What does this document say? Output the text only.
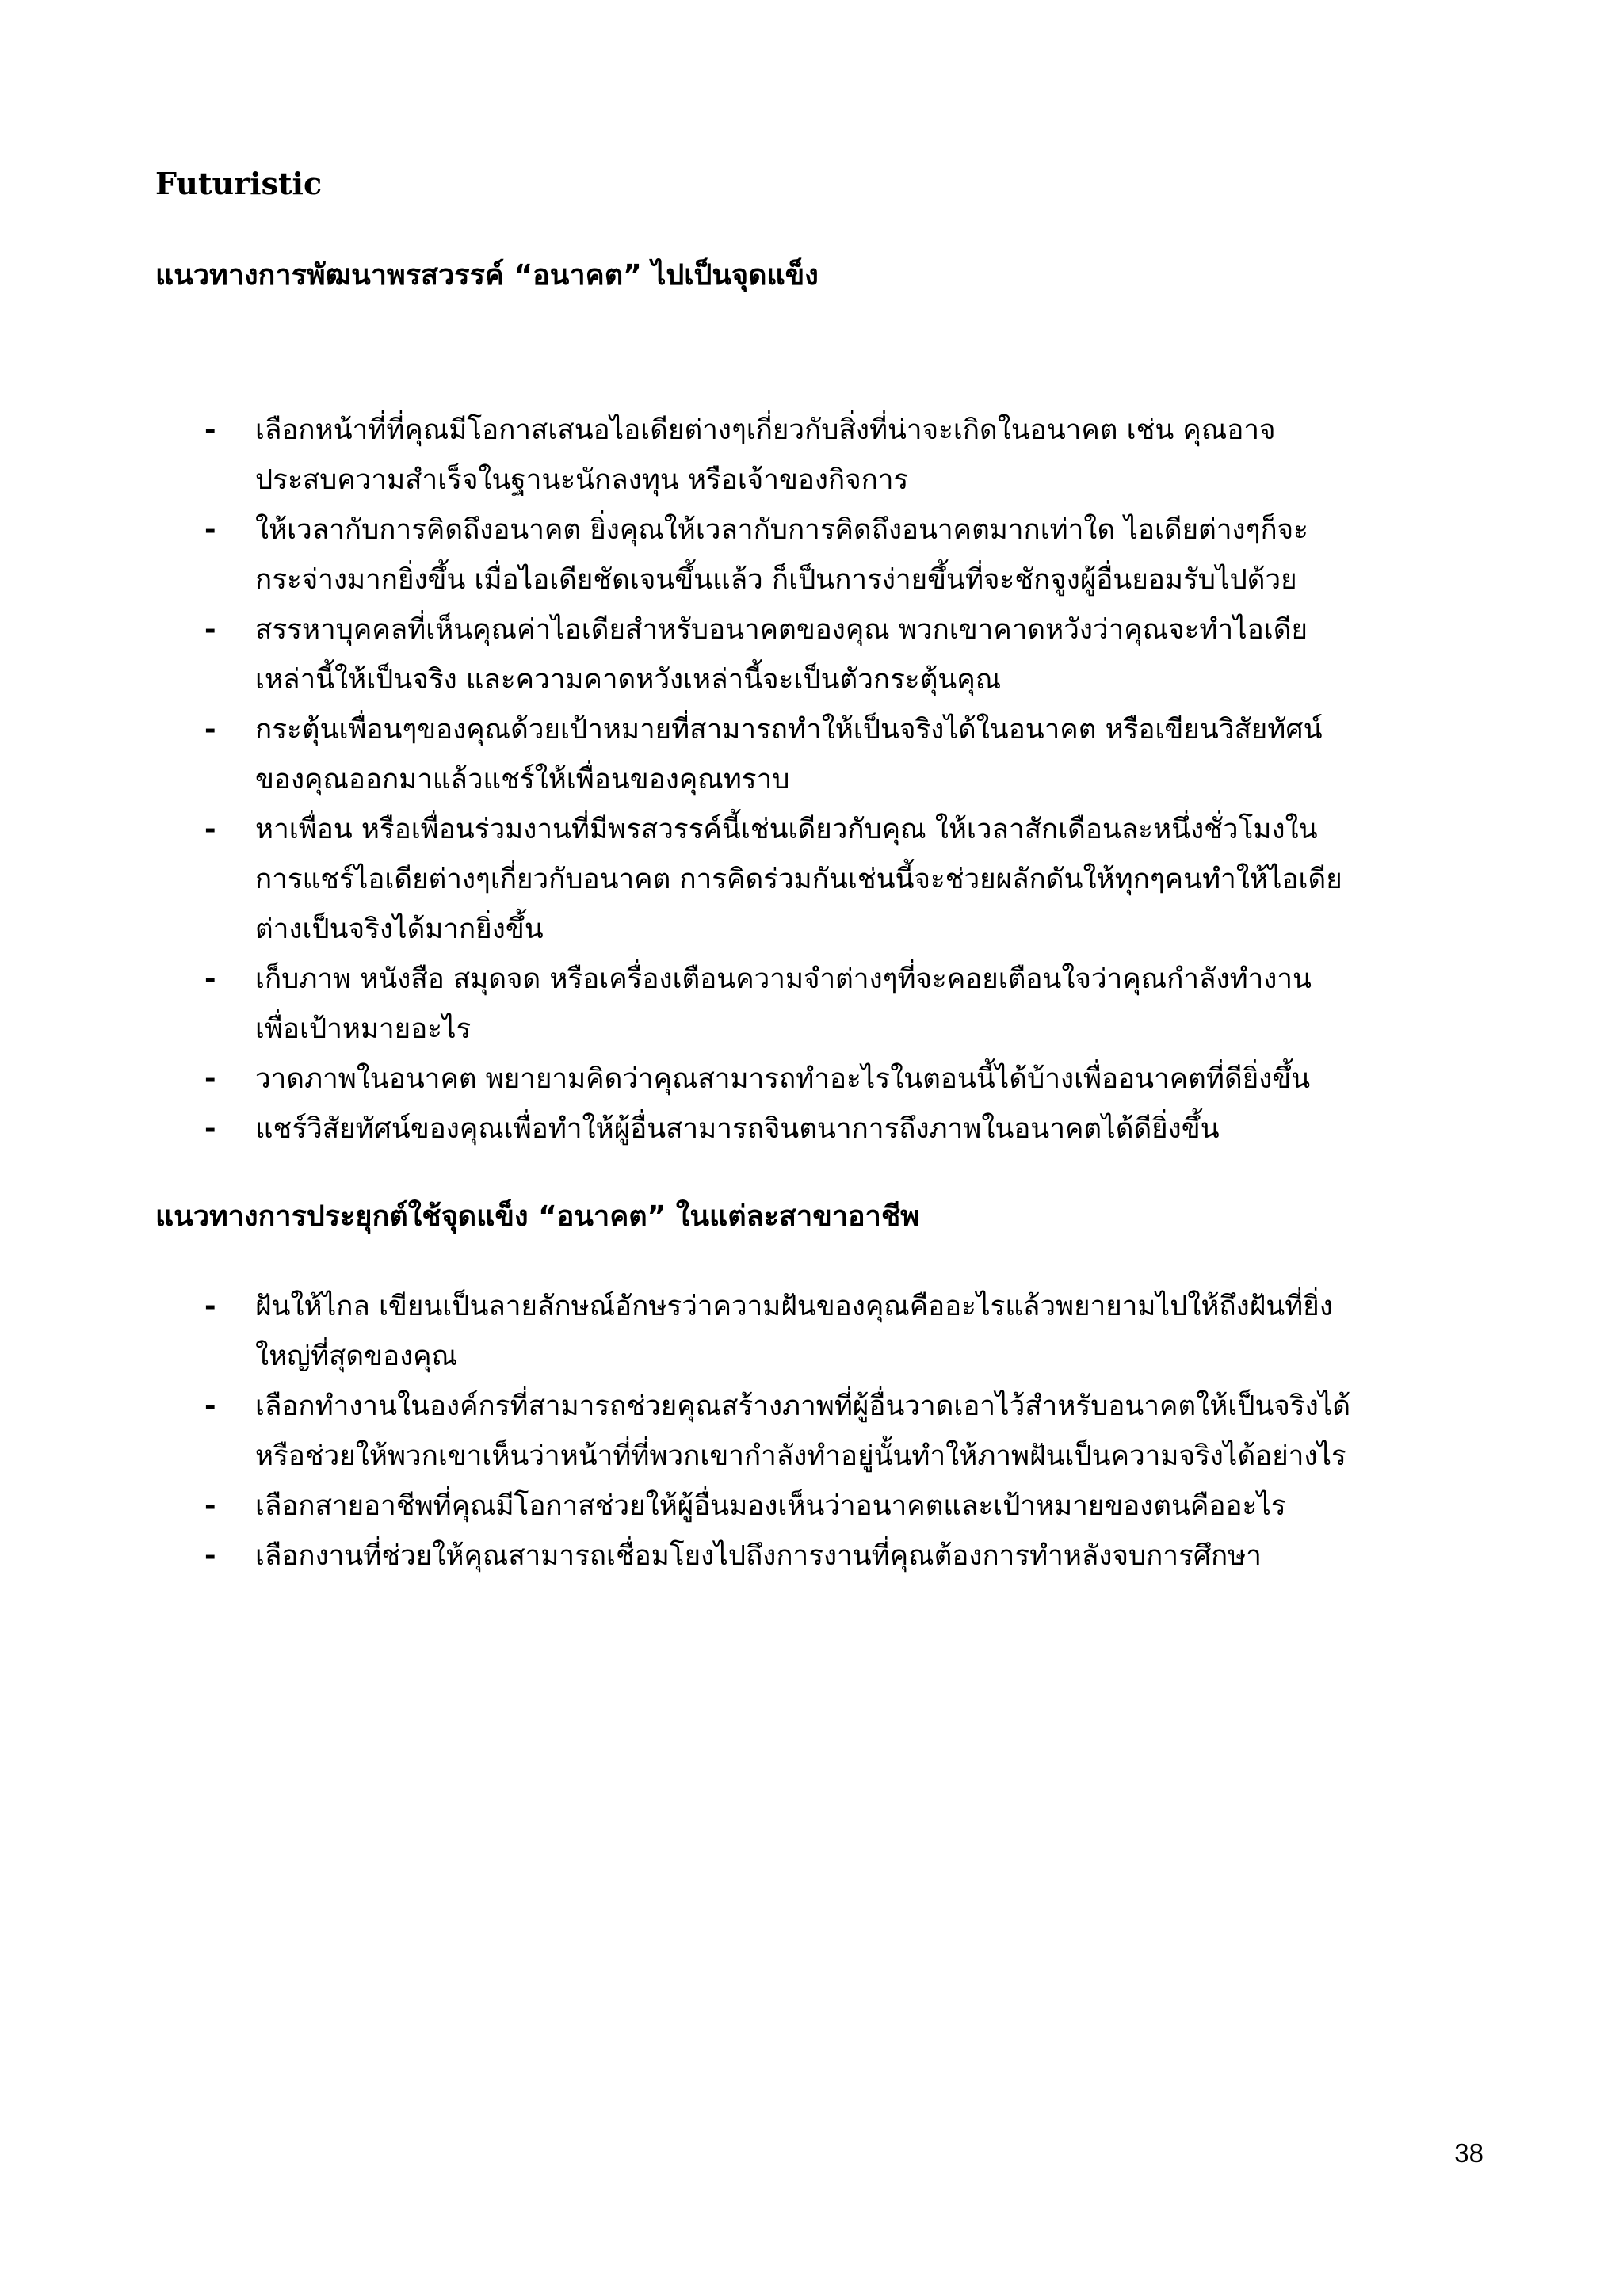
Futuristic
แนวทางการพัฒนาพรสวรรค์ “อนาคต” ไปเป็นจุดแข็ง
- เลือกหน้าที่ที่คุณมีโอกาสเสนอไอเดียต่างๆเกี่ยวกับสิ่งที่น่าจะเกิดในอนาคต เช่น คุณอาจ
ประสบความสำเร็จในฐานะนักลงทุน หรือเจ้าของกิจการ
- ให้เวลากับการคิดถึงอนาคต ยิ่งคุณให้เวลากับการคิดถึงอนาคตมากเท่าใด ไอเดียต่างๆก็จะ
กระจ่างมากยิ่งขึ้น เมื่อไอเดียชัดเจนขึ้นแล้ว ก็เป็นการง่ายขึ้นที่จะชักจูงผู้อื่นยอมรับไปด้วย
- สรรหาบุคคลที่เห็นคุณค่าไอเดียสำหรับอนาคตของคุณ พวกเขาคาดหวังว่าคุณจะทำไอเดีย
เหล่านี้ให้เป็นจริง และความคาดหวังเหล่านี้จะเป็นตัวกระตุ้นคุณ
- กระตุ้นเพื่อนๆของคุณด้วยเป้าหมายที่สามารถทำให้เป็นจริงได้ในอนาคต หรือเขียนวิสัยทัศน์
ของคุณออกมาแล้วแชร์ให้เพื่อนของคุณทราบ
- หาเพื่อน หรือเพื่อนร่วมงานที่มีพรสวรรค์นี้เช่นเดียวกับคุณ ให้เวลาสักเดือนละหนึ่งชั่วโมงใน
การแชร์ไอเดียต่างๆเกี่ยวกับอนาคต การคิดร่วมกันเช่นนี้จะช่วยผลักดันให้ทุกๆคนทำให้ไอเดีย
ต่างเป็นจริงได้มากยิ่งขึ้น
- เก็บภาพ หนังสือ สมุดจด หรือเครื่องเตือนความจำต่างๆที่จะคอยเตือนใจว่าคุณกำลังทำงาน
เพื่อเป้าหมายอะไร
- วาดภาพในอนาคต พยายามคิดว่าคุณสามารถทำอะไรในตอนนี้ได้บ้างเพื่ออนาคตที่ดียิ่งขึ้น
- แชร์วิสัยทัศน์ของคุณเพื่อทำให้ผู้อื่นสามารถจินตนาการถึงภาพในอนาคตได้ดียิ่งขึ้น
แนวทางการประยุกต์ใช้จุดแข็ง “อนาคต” ในแต่ละสาขาอาชีพ
- ฝันให้ไกล เขียนเป็นลายลักษณ์อักษรว่าความฝันของคุณคืออะไรแล้วพยายามไปให้ถึงฝันที่ยิ่ง
ใหญ่ที่สุดของคุณ
- เลือกทำงานในองค์กรที่สามารถช่วยคุณสร้างภาพที่ผู้อื่นวาดเอาไว้สำหรับอนาคตให้เป็นจริงได้
หรือช่วยให้พวกเขาเห็นว่าหน้าที่ที่พวกเขากำลังทำอยู่นั้นทำให้ภาพฝันเป็นความจริงได้อย่างไร
- เลือกสายอาชีพที่คุณมีโอกาสช่วยให้ผู้อื่นมองเห็นว่าอนาคตและเป้าหมายของตนคืออะไร
- เลือกงานที่ช่วยให้คุณสามารถเชื่อมโยงไปถึงการงานที่คุณต้องการทำหลังจบการศึกษา
38
